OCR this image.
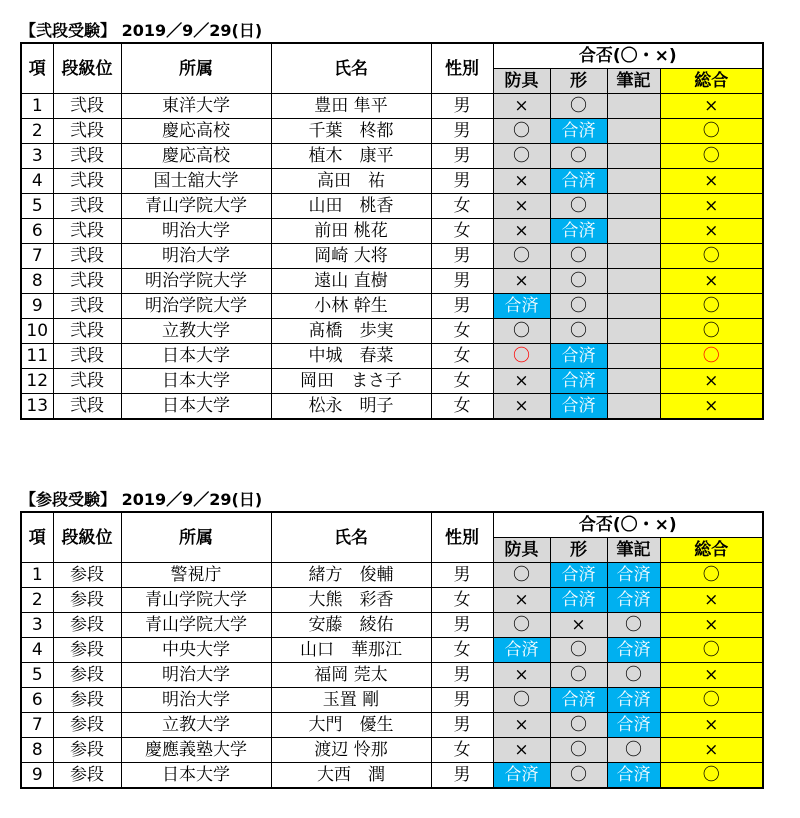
【弐段受験】 2019／9／29(日)
項	段級位	所属	氏名	性別	合否(〇・×)			
					防具	形	筆記	総合
1	弐段	東洋大学	豊田 隼平	男	×	〇		×
2	弐段	慶応高校	千葉　柊都	男	〇	合済		〇
3	弐段	慶応高校	植木　康平	男	〇	〇		〇
4	弐段	国士舘大学	高田　祐	男	×	合済		×
5	弐段	青山学院大学	山田　桃香	女	×	〇		×
6	弐段	明治大学	前田 桃花	女	×	合済		×
7	弐段	明治大学	岡崎 大将	男	〇	〇		〇
8	弐段	明治学院大学	遠山 直樹	男	×	〇		×
9	弐段	明治学院大学	小林 幹生	男	合済	〇		〇
10	弐段	立教大学	髙橋　歩実	女	〇	〇		〇
11	弐段	日本大学	中城　春菜	女	〇	合済		〇
12	弐段	日本大学	岡田　まさ子	女	×	合済		×
13	弐段	日本大学	松永　明子	女	×	合済		×
【参段受験】 2019／9／29(日)
項	段級位	所属	氏名	性別	合否(〇・×)			
					防具	形	筆記	総合
1	参段	警視庁	緒方　俊輔	男	〇	合済	合済	〇
2	参段	青山学院大学	大熊　彩香	女	×	合済	合済	×
3	参段	青山学院大学	安藤　綾佑	男	〇	×	〇	×
4	参段	中央大学	山口　華那江	女	合済	〇	合済	〇
5	参段	明治大学	福岡 莞太	男	×	〇	〇	×
6	参段	明治大学	玉置 剛	男	〇	合済	合済	〇
7	参段	立教大学	大門　優生	男	×	〇	合済	×
8	参段	慶應義塾大学	渡辺 怜那	女	×	〇	〇	×
9	参段	日本大学	大西　潤	男	合済	〇	合済	〇
